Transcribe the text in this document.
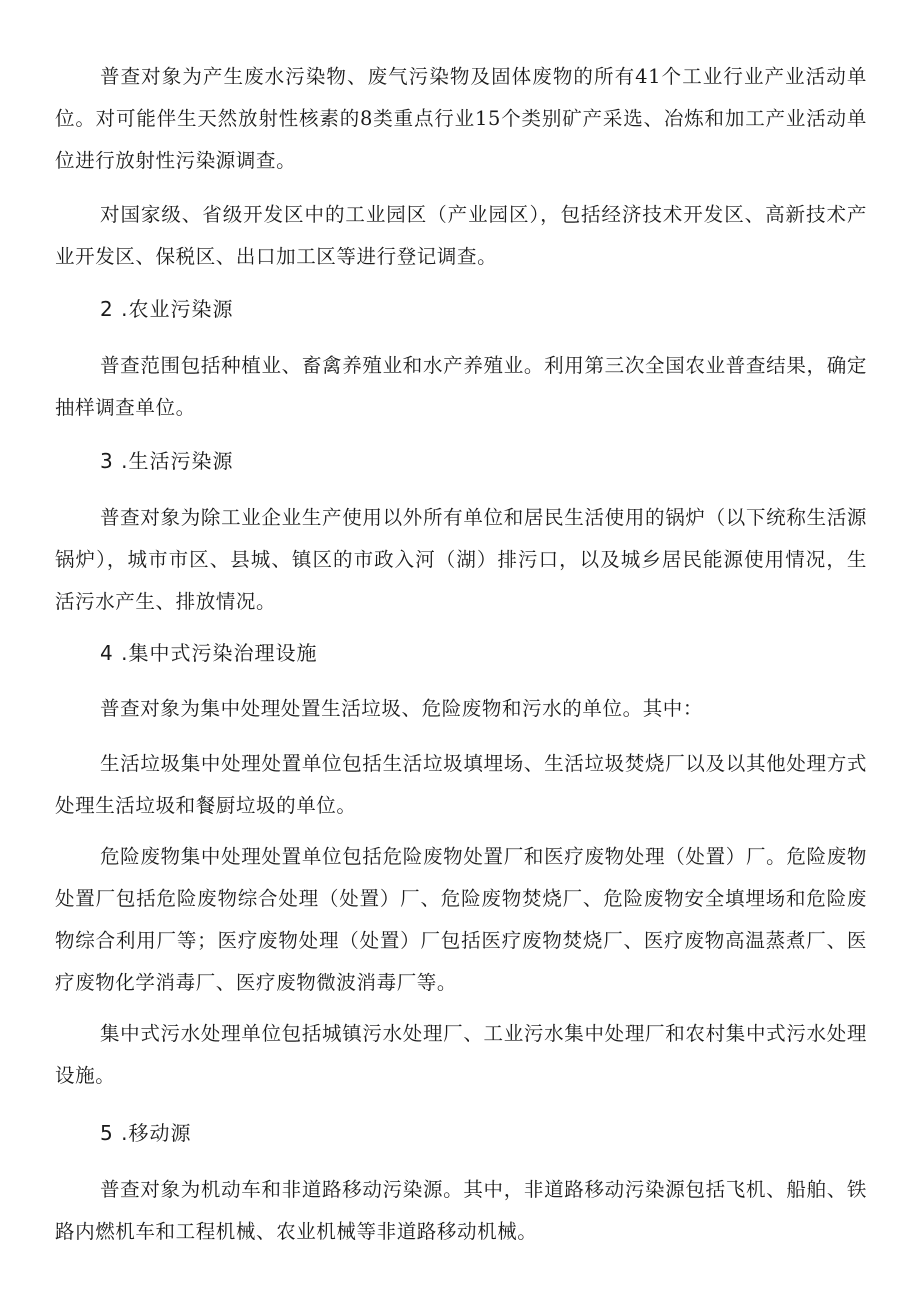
普查对象为产生废水污染物、废气污染物及固体废物的所有41个工业行业产业活动单位。对可能伴生天然放射性核素的8类重点行业15个类别矿产采选、冶炼和加工产业活动单位进行放射性污染源调查。

对国家级、省级开发区中的工业园区（产业园区），包括经济技术开发区、高新技术产业开发区、保税区、出口加工区等进行登记调查。

2 .农业污染源

普查范围包括种植业、畜禽养殖业和水产养殖业。利用第三次全国农业普查结果，确定抽样调查单位。

3 .生活污染源

普查对象为除工业企业生产使用以外所有单位和居民生活使用的锅炉（以下统称生活源锅炉），城市市区、县城、镇区的市政入河（湖）排污口，以及城乡居民能源使用情况，生活污水产生、排放情况。

4 .集中式污染治理设施

普查对象为集中处理处置生活垃圾、危险废物和污水的单位。其中：

生活垃圾集中处理处置单位包括生活垃圾填埋场、生活垃圾焚烧厂以及以其他处理方式处理生活垃圾和餐厨垃圾的单位。

危险废物集中处理处置单位包括危险废物处置厂和医疗废物处理（处置）厂。危险废物处置厂包括危险废物综合处理（处置）厂、危险废物焚烧厂、危险废物安全填埋场和危险废物综合利用厂等；医疗废物处理（处置）厂包括医疗废物焚烧厂、医疗废物高温蒸煮厂、医疗废物化学消毒厂、医疗废物微波消毒厂等。

集中式污水处理单位包括城镇污水处理厂、工业污水集中处理厂和农村集中式污水处理设施。

5 .移动源

普查对象为机动车和非道路移动污染源。其中，非道路移动污染源包括飞机、船舶、铁路内燃机车和工程机械、农业机械等非道路移动机械。
